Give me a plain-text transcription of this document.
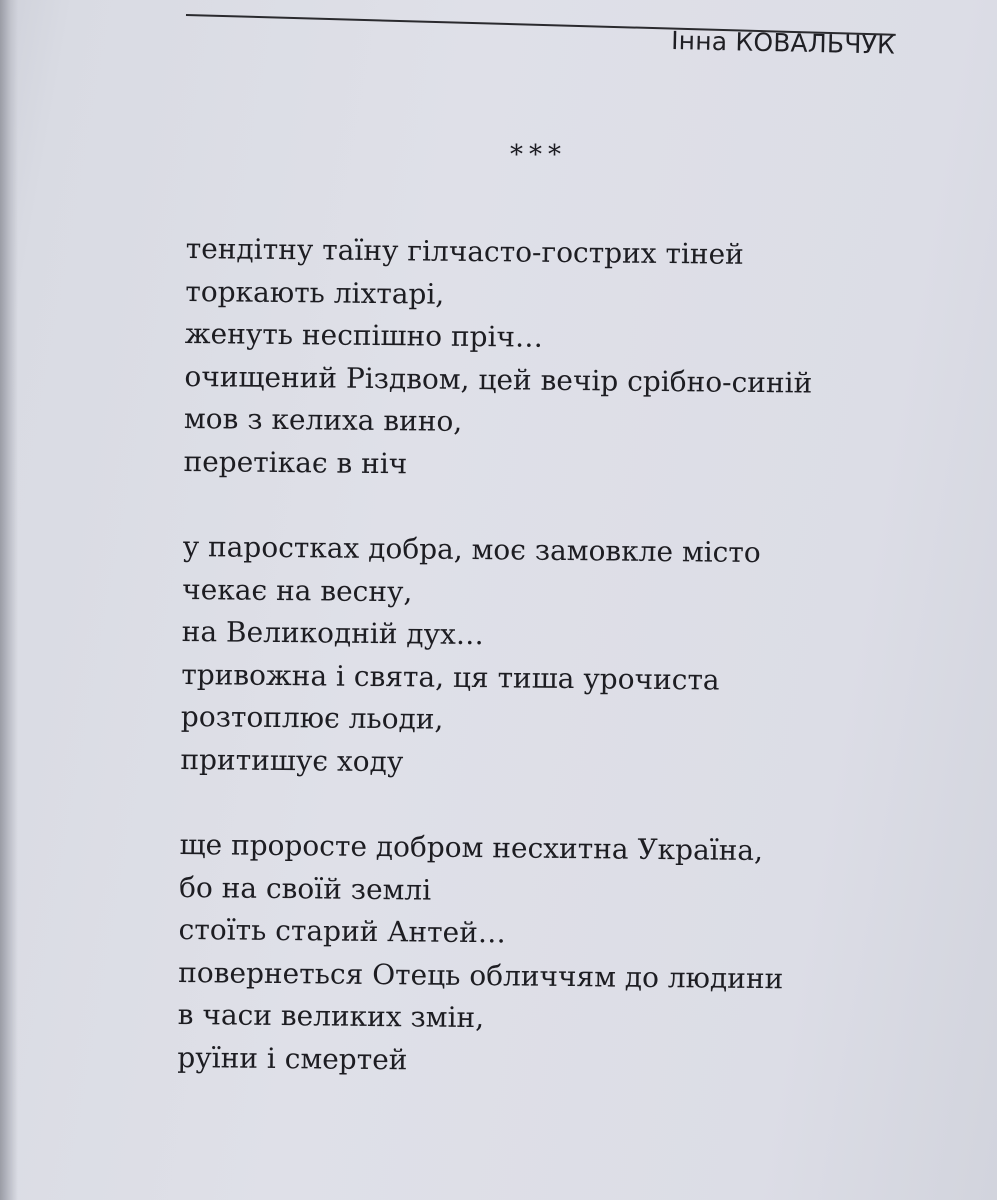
Інна КОВАЛЬЧУК
***
тендітну таїну гілчасто-гострих тіней
торкають ліхтарі,
женуть неспішно пріч…
очищений Різдвом, цей вечір срібно-синій
мов з келиха вино,
перетікає в ніч
у паростках добра, моє замовкле місто
чекає на весну,
на Великодній дух…
тривожна і свята, ця тиша урочиста
розтоплює льоди,
притишує ходу
ще проросте добром несхитна Україна,
бо на своїй землі
стоїть старий Антей…
повернеться Отець обличчям до людини
в часи великих змін,
руїни і смертей
